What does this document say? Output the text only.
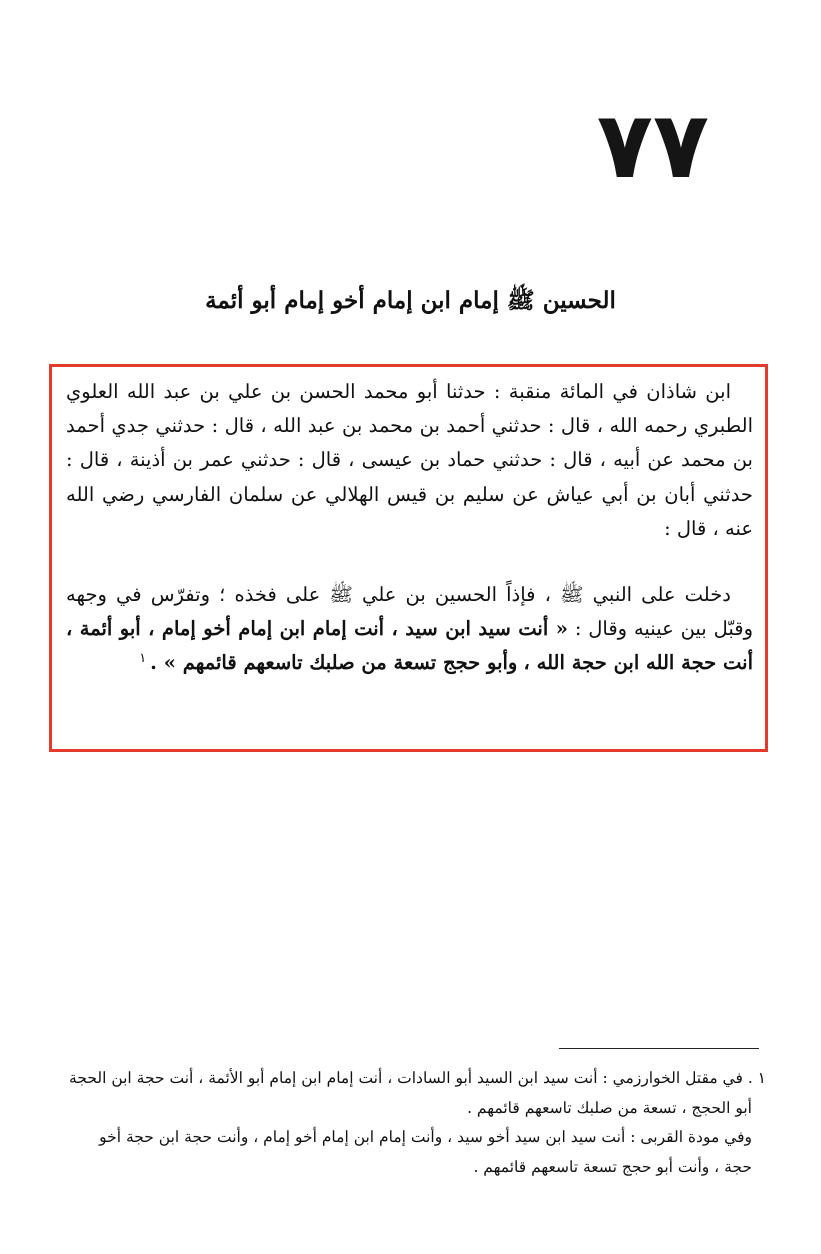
٧٧
الحسين ﷺ إمام ابن إمام أخو إمام أبو أئمة

ابن شاذان في المائة منقبة : حدثنا أبو محمد الحسن بن علي بن عبد الله العلوي الطبري رحمه الله ، قال : حدثني أحمد بن محمد بن عبد الله ، قال : حدثني جدي أحمد بن محمد عن أبيه ، قال : حدثني حماد بن عيسى ، قال : حدثني عمر بن أذينة ، قال : حدثني أبان بن أبي عياش عن سليم بن قيس الهلالي عن سلمان الفارسي رضي الله عنه ، قال :

دخلت على النبي ﷺ ، فإذاً الحسين بن علي ﷺ على فخذه ؛ وتفرّس في وجهه وقبّل بين عينيه وقال : « أنت سيد ابن سيد ، أنت إمام ابن إمام أخو إمام ، أبو أئمة ، أنت حجة الله ابن حجة الله ، وأبو حجج تسعة من صلبك تاسعهم قائمهم » .$^١$

١ . في مقتل الخوارزمي : أنت سيد ابن السيد أبو السادات ، أنت إمام ابن إمام أبو الأئمة ، أنت حجة ابن الحجة

أبو الحجج ، تسعة من صلبك تاسعهم قائمهم .

وفي مودة القربى : أنت سيد ابن سيد أخو سيد ، وأنت إمام ابن إمام أخو إمام ، وأنت حجة ابن حجة أخو

حجة ، وأنت أبو حجج تسعة تاسعهم قائمهم .
